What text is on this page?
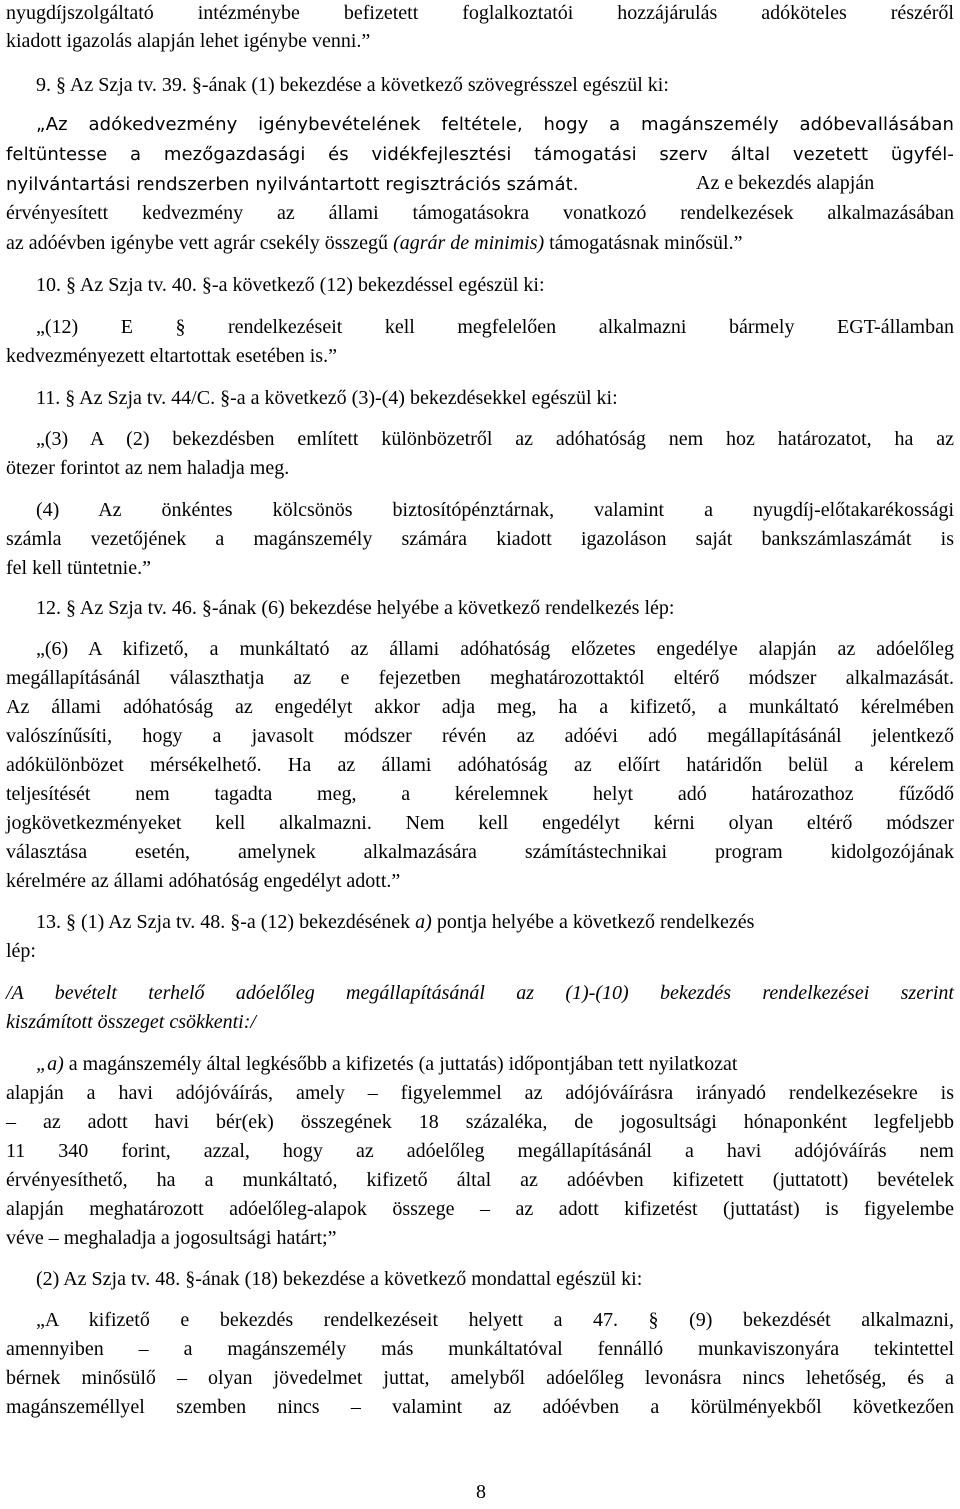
nyugdíjszolgáltató intézménybe befizetett foglalkoztatói hozzájárulás adóköteles részéről
kiadott igazolás alapján lehet igénybe venni.”
9. § Az Szja tv. 39. §-ának (1) bekezdése a következő szövegrésszel egészül ki:
„Az adókedvezmény igénybevételének feltétele, hogy a magánszemély adóbevallásában
feltüntesse a mezőgazdasági és vidékfejlesztési támogatási szerv által vezetett ügyfél-
nyilvántartási rendszerben nyilvántartott regisztrációs számát.	Az e bekezdés alapján
érvényesített kedvezmény az állami támogatásokra vonatkozó rendelkezések alkalmazásában
az adóévben igénybe vett agrár csekély összegű (agrár de minimis) támogatásnak minősül.”
10. § Az Szja tv. 40. §-a következő (12) bekezdéssel egészül ki:
„(12) E § rendelkezéseit kell megfelelően alkalmazni bármely EGT-államban
kedvezményezett eltartottak esetében is.”
11. § Az Szja tv. 44/C. §-a a következő (3)-(4) bekezdésekkel egészül ki:
„(3) A (2) bekezdésben említett különbözetről az adóhatóság nem hoz határozatot, ha az
ötezer forintot az nem haladja meg.
(4) Az önkéntes kölcsönös biztosítópénztárnak, valamint a nyugdíj-előtakarékossági
számla vezetőjének a magánszemély számára kiadott igazoláson saját bankszámlaszámát is
fel kell tüntetnie.”
12. § Az Szja tv. 46. §-ának (6) bekezdése helyébe a következő rendelkezés lép:
„(6) A kifizető, a munkáltató az állami adóhatóság előzetes engedélye alapján az adóelőleg
megállapításánál választhatja az e fejezetben meghatározottaktól eltérő módszer alkalmazását.
Az állami adóhatóság az engedélyt akkor adja meg, ha a kifizető, a munkáltató kérelmében
valószínűsíti, hogy a javasolt módszer révén az adóévi adó megállapításánál jelentkező
adókülönbözet mérsékelhető. Ha az állami adóhatóság az előírt határidőn belül a kérelem
teljesítését nem tagadta meg, a kérelemnek helyt adó határozathoz fűződő
jogkövetkezményeket kell alkalmazni. Nem kell engedélyt kérni olyan eltérő módszer
választása esetén, amelynek alkalmazására számítástechnikai program kidolgozójának
kérelmére az állami adóhatóság engedélyt adott.”
13. § (1) Az Szja tv. 48. §-a (12) bekezdésének a) pontja helyébe a következő rendelkezés
lép:
/A bevételt terhelő adóelőleg megállapításánál az (1)-(10) bekezdés rendelkezései szerint
kiszámított összeget csökkenti:/
„a) a magánszemély által legkésőbb a kifizetés (a juttatás) időpontjában tett nyilatkozat
alapján a havi adójóváírás, amely – figyelemmel az adójóváírásra irányadó rendelkezésekre is
– az adott havi bér(ek) összegének 18 százaléka, de jogosultsági hónaponként legfeljebb
11 340 forint, azzal, hogy az adóelőleg megállapításánál a havi adójóváírás nem
érvényesíthető, ha a munkáltató, kifizető által az adóévben kifizetett (juttatott) bevételek
alapján meghatározott adóelőleg-alapok összege – az adott kifizetést (juttatást) is figyelembe
véve – meghaladja a jogosultsági határt;”
(2) Az Szja tv. 48. §-ának (18) bekezdése a következő mondattal egészül ki:
„A kifizető e bekezdés rendelkezéseit helyett a 47. § (9) bekezdését alkalmazni,
amennyiben – a magánszemély más munkáltatóval fennálló munkaviszonyára tekintettel
bérnek minősülő – olyan jövedelmet juttat, amelyből adóelőleg levonásra nincs lehetőség, és a
magánszeméllyel szemben nincs – valamint az adóévben a körülményekből következően
8
